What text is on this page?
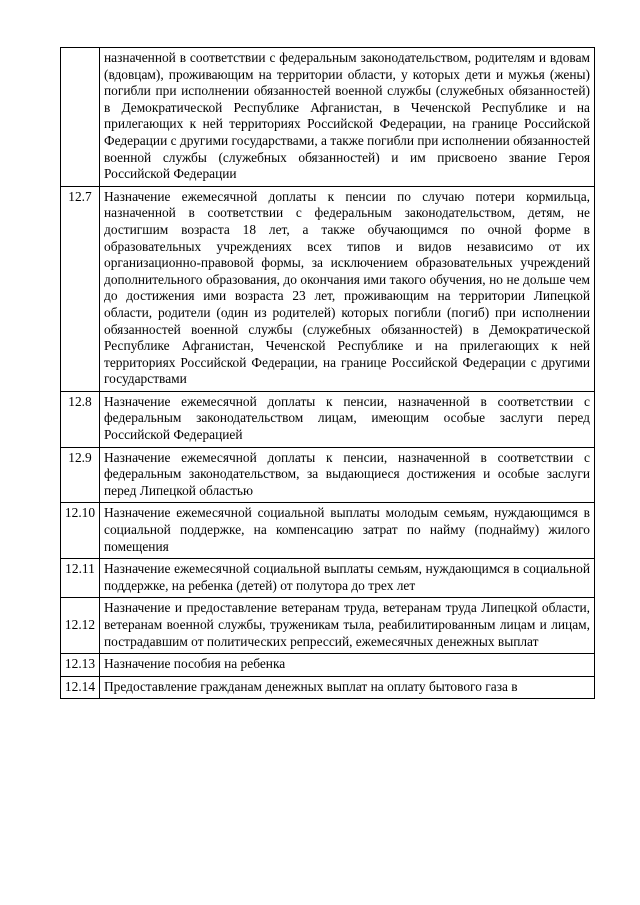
	назначенной в соответствии с федеральным законодательством, родителям и вдовам (вдовцам), проживающим на территории области, у которых дети и мужья (жены) погибли при исполнении обязанностей военной службы (служебных обязанностей) в Демократической Республике Афганистан, в Чеченской Республике и на прилегающих к ней территориях Российской Федерации, на границе Российской Федерации с другими государствами, а также погибли при исполнении обязанностей военной службы (служебных обязанностей) и им присвоено звание Героя Российской Федерации
12.7	Назначение ежемесячной доплаты к пенсии по случаю потери кормильца, назначенной в соответствии с федеральным законодательством, детям, не достигшим возраста 18 лет, а также обучающимся по очной форме в образовательных учреждениях всех типов и видов независимо от их организационно-правовой формы, за исключением образовательных учреждений дополнительного образования, до окончания ими такого обучения, но не дольше чем до достижения ими возраста 23 лет, проживающим на территории Липецкой области, родители (один из родителей) которых погибли (погиб) при исполнении обязанностей военной службы (служебных обязанностей) в Демократической Республике Афганистан, Чеченской Республике и на прилегающих к ней территориях Российской Федерации, на границе Российской Федерации с другими государствами
12.8	Назначение ежемесячной доплаты к пенсии, назначенной в соответствии с федеральным законодательством лицам, имеющим особые заслуги перед Российской Федерацией
12.9	Назначение ежемесячной доплаты к пенсии, назначенной в соответствии с федеральным законодательством, за выдающиеся достижения и особые заслуги перед Липецкой областью
12.10	Назначение ежемесячной социальной выплаты молодым семьям, нуждающимся в социальной поддержке, на компенсацию затрат по найму (поднайму) жилого помещения
12.11	Назначение ежемесячной социальной выплаты семьям, нуждающимся в социальной поддержке, на ребенка (детей) от полутора до трех лет
12.12	Назначение и предоставление ветеранам труда, ветеранам труда Липецкой области, ветеранам военной службы, труженикам тыла, реабилитированным лицам и лицам, пострадавшим от политических репрессий, ежемесячных денежных выплат
12.13	Назначение пособия на ребенка
12.14	Предоставление гражданам денежных выплат на оплату бытового газа в
